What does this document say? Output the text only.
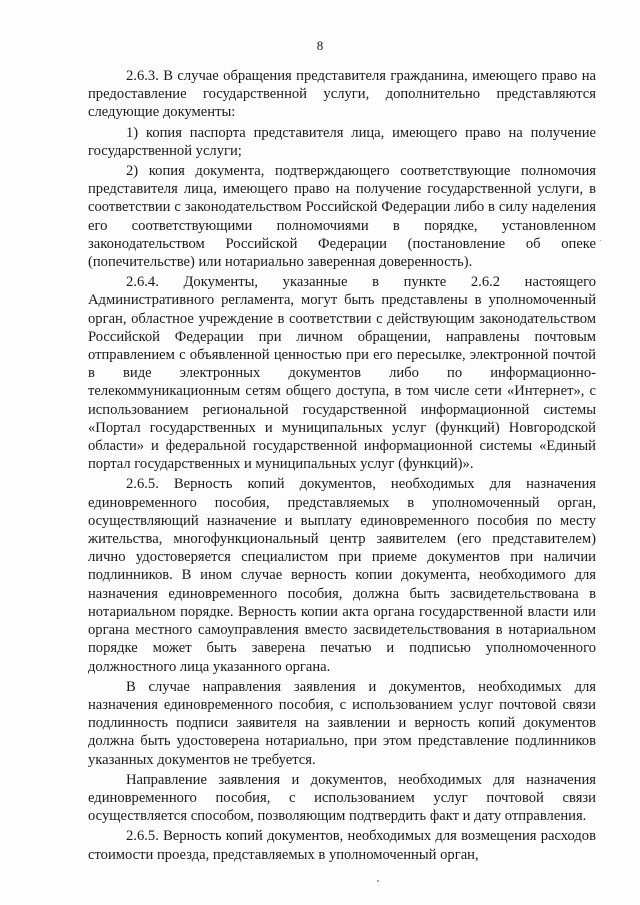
8

2.6.3. В случае обращения представителя гражданина, имеющего право на предоставление государственной услуги, дополнительно представляются следующие документы:

1) копия паспорта представителя лица, имеющего право на получение государственной услуги;

2) копия документа, подтверждающего соответствующие полномочия представителя лица, имеющего право на получение государственной услуги, в соответствии с законодательством Российской Федерации либо в силу наделения его соответствующими полномочиями в порядке, установленном законодательством Российской Федерации (постановление об опеке (попечительстве) или нотариально заверенная доверенность).

2.6.4. Документы, указанные в пункте 2.6.2 настоящего Административного регламента, могут быть представлены в уполномоченный орган, областное учреждение в соответствии с действующим законодательством Российской Федерации при личном обращении, направлены почтовым отправлением с объявленной ценностью при его пересылке, электронной почтой в виде электронных документов либо по информационно-телекоммуникационным сетям общего доступа, в том числе сети «Интернет», с использованием региональной государственной информационной системы «Портал государственных и муниципальных услуг (функций) Новгородской области» и федеральной государственной информационной системы «Единый портал государственных и муниципальных услуг (функций)».

2.6.5. Верность копий документов, необходимых для назначения единовременного пособия, представляемых в уполномоченный орган, осуществляющий назначение и выплату единовременного пособия по месту жительства, многофункциональный центр заявителем (его представителем) лично удостоверяется специалистом при приеме документов при наличии подлинников. В ином случае верность копии документа, необходимого для назначения единовременного пособия, должна быть засвидетельствована в нотариальном порядке. Верность копии акта органа государственной власти или органа местного самоуправления вместо засвидетельствования в нотариальном порядке может быть заверена печатью и подписью уполномоченного должностного лица указанного органа.

В случае направления заявления и документов, необходимых для назначения единовременного пособия, с использованием услуг почтовой связи подлинность подписи заявителя на заявлении и верность копий документов должна быть удостоверена нотариально, при этом представление подлинников указанных документов не требуется.

Направление заявления и документов, необходимых для назначения единовременного пособия, с использованием услуг почтовой связи осуществляется способом, позволяющим подтвердить факт и дату отправления.

2.6.5. Верность копий документов, необходимых для возмещения расходов стоимости проезда, представляемых в уполномоченный орган,
